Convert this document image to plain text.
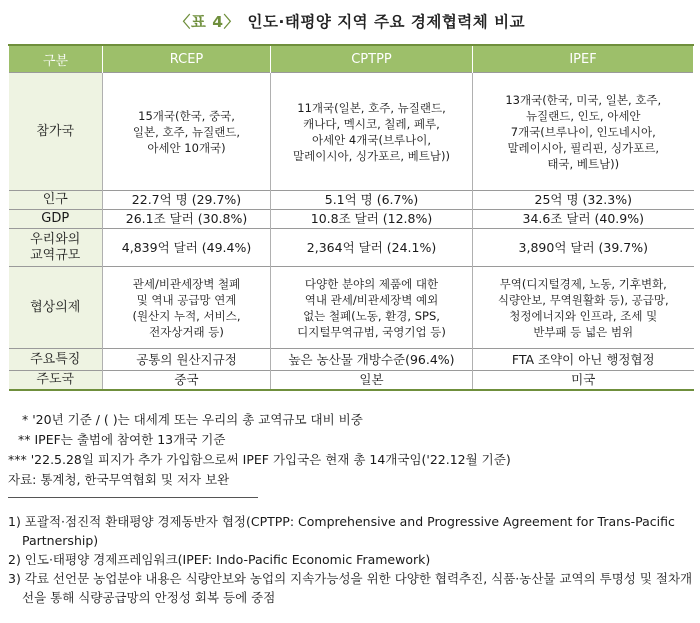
〈표 4〉 인도·태평양 지역 주요 경제협력체 비교
구분	RCEP	CPTPP	IPEF

참가국	15개국(한국, 중국,
일본, 호주, 뉴질랜드,
아세안 10개국)	11개국(일본, 호주, 뉴질랜드,
캐나다, 멕시코, 칠레, 페루,
아세안 4개국(브루나이,
말레이시아, 싱가포르, 베트남))	13개국(한국, 미국, 일본, 호주,
뉴질랜드, 인도, 아세안
7개국(브루나이, 인도네시아,
말레이시아, 필리핀, 싱가포르,
태국, 베트남))

인구	22.7억 명 (29.7%)	5.1억 명 (6.7%)	25억 명 (32.3%)

GDP	26.1조 달러 (30.8%)	10.8조 달러 (12.8%)	34.6조 달러 (40.9%)

우리와의
교역규모	4,839억 달러 (49.4%)	2,364억 달러 (24.1%)	3,890억 달러 (39.7%)

협상의제	관세/비관세장벽 철폐
및 역내 공급망 연계
(원산지 누적, 서비스,
전자상거래 등)	다양한 분야의 제품에 대한
역내 관세/비관세장벽 예외
없는 철폐(노동, 환경, SPS,
디지털무역규범, 국영기업 등)	무역(디지털경제, 노동, 기후변화,
식량안보, 무역원활화 등), 공급망,
청정에너지와 인프라, 조세 및
반부패 등 넓은 범위

주요특징	공통의 원산지규정	높은 농산물 개방수준(96.4%)	FTA 조약이 아닌 행정협정

주도국	중국	일본	미국
* '20년 기준 / ( )는 대세계 또는 우리의 총 교역규모 대비 비중
** IPEF는 출범에 참여한 13개국 기준
*** '22.5.28일 피지가 추가 가입함으로써 IPEF 가입국은 현재 총 14개국임('22.12월 기준)
자료: 통계청, 한국무역협회 및 저자 보완
1) 포괄적·점진적 환태평양 경제동반자 협정(CPTPP: Comprehensive and Progressive Agreement for Trans-Pacific Partnership)
2) 인도·태평양 경제프레임워크(IPEF: Indo-Pacific Economic Framework)
3) 각료 선언문 농업분야 내용은 식량안보와 농업의 지속가능성을 위한 다양한 협력추진, 식품·농산물 교역의 투명성 및 절차개선을 통해 식량공급망의 안정성 회복 등에 중점
